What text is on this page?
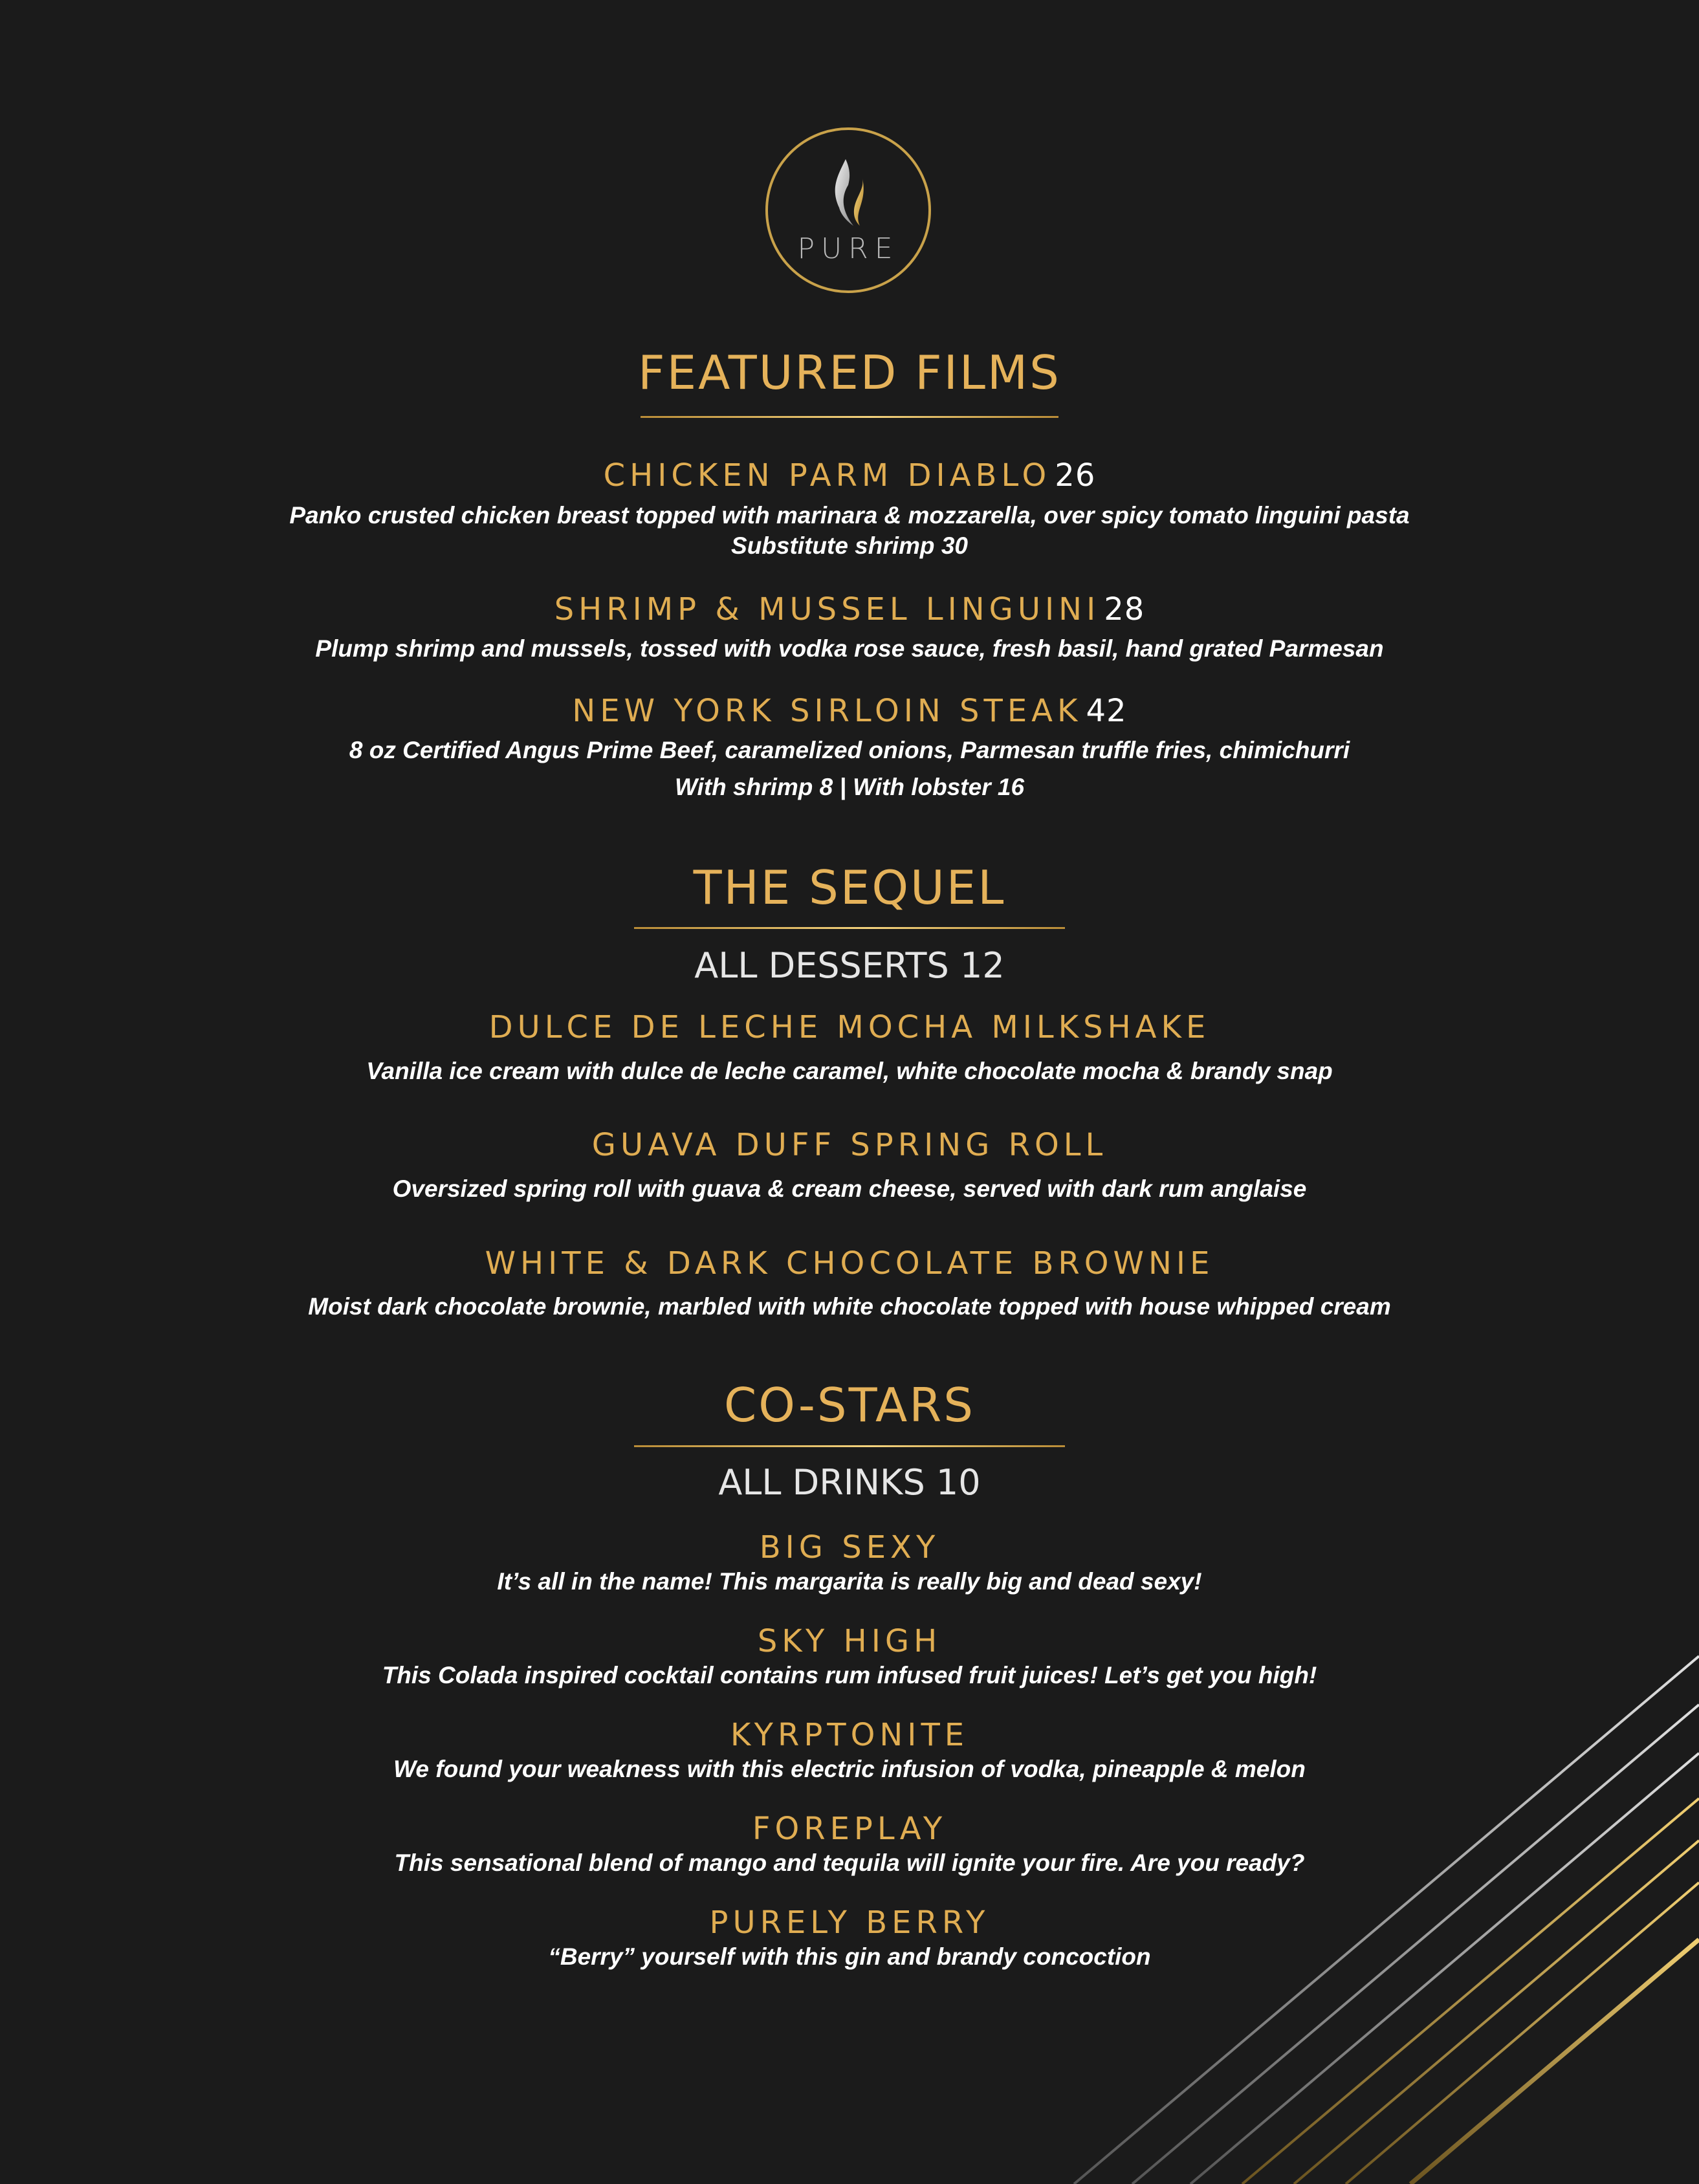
PURE
FEATURED FILMS
CHICKEN PARM DIABLO 26
Panko crusted chicken breast topped with marinara & mozzarella, over spicy tomato linguini pasta
Substitute shrimp 30
SHRIMP & MUSSEL LINGUINI 28
Plump shrimp and mussels, tossed with vodka rose sauce, fresh basil, hand grated Parmesan
NEW YORK SIRLOIN STEAK 42
8 oz Certified Angus Prime Beef, caramelized onions, Parmesan truffle fries, chimichurri
With shrimp 8 | With lobster 16
THE SEQUEL
ALL DESSERTS 12
DULCE DE LECHE MOCHA MILKSHAKE
Vanilla ice cream with dulce de leche caramel, white chocolate mocha & brandy snap
GUAVA DUFF SPRING ROLL
Oversized spring roll with guava & cream cheese, served with dark rum anglaise
WHITE & DARK CHOCOLATE BROWNIE
Moist dark chocolate brownie, marbled with white chocolate topped with house whipped cream
CO-STARS
ALL DRINKS 10
BIG SEXY
It’s all in the name! This margarita is really big and dead sexy!
SKY HIGH
This Colada inspired cocktail contains rum infused fruit juices! Let’s get you high!
KYRPTONITE
We found your weakness with this electric infusion of vodka, pineapple & melon
FOREPLAY
This sensational blend of mango and tequila will ignite your fire. Are you ready?
PURELY BERRY
“Berry” yourself with this gin and brandy concoction
